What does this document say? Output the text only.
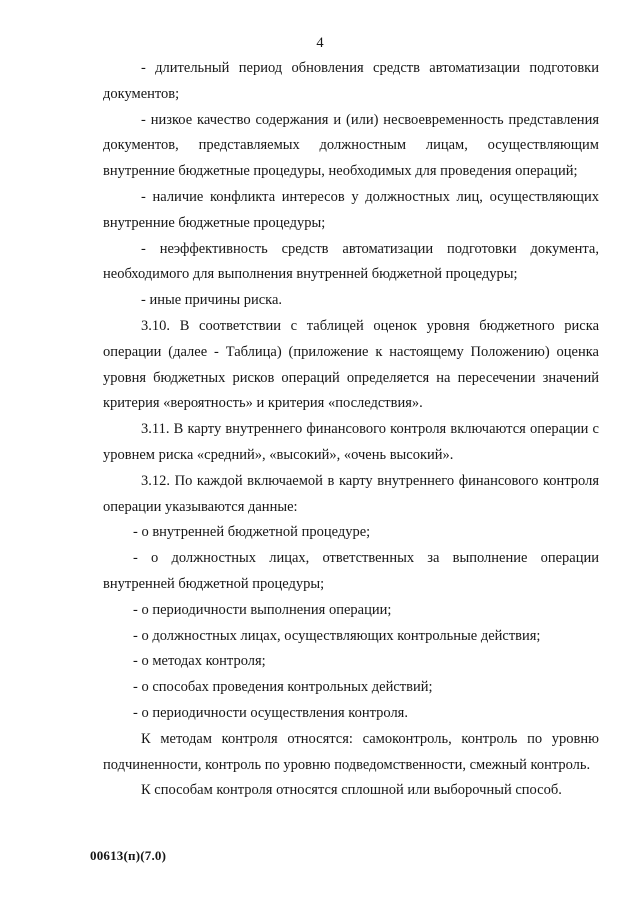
4

- длительный период обновления средств автоматизации подготовки документов;

- низкое качество содержания и (или) несвоевременность представления документов, представляемых должностным лицам, осуществляющим внутренние бюджетные процедуры, необходимых для проведения операций;

- наличие конфликта интересов у должностных лиц, осуществляющих внутренние бюджетные процедуры;

- неэффективность средств автоматизации подготовки документа, необходимого для выполнения внутренней бюджетной процедуры;

- иные причины риска.

3.10. В соответствии с таблицей оценок уровня бюджетного риска операции (далее - Таблица) (приложение к настоящему Положению) оценка уровня бюджетных рисков операций определяется на пересечении значений критерия «вероятность» и критерия «последствия».

3.11. В карту внутреннего финансового контроля включаются операции с уровнем риска «средний», «высокий», «очень высокий».

3.12. По каждой включаемой в карту внутреннего финансового контроля операции указываются данные:

- о внутренней бюджетной процедуре;

- о должностных лицах, ответственных за выполнение операции внутренней бюджетной процедуры;

- о периодичности выполнения операции;

- о должностных лицах, осуществляющих контрольные действия;

- о методах контроля;

- о способах проведения контрольных действий;

- о периодичности осуществления контроля.

К методам контроля относятся: самоконтроль, контроль по уровню подчиненности, контроль по уровню подведомственности, смежный контроль.

К способам контроля относятся сплошной или выборочный способ.

00613(п)(7.0)
